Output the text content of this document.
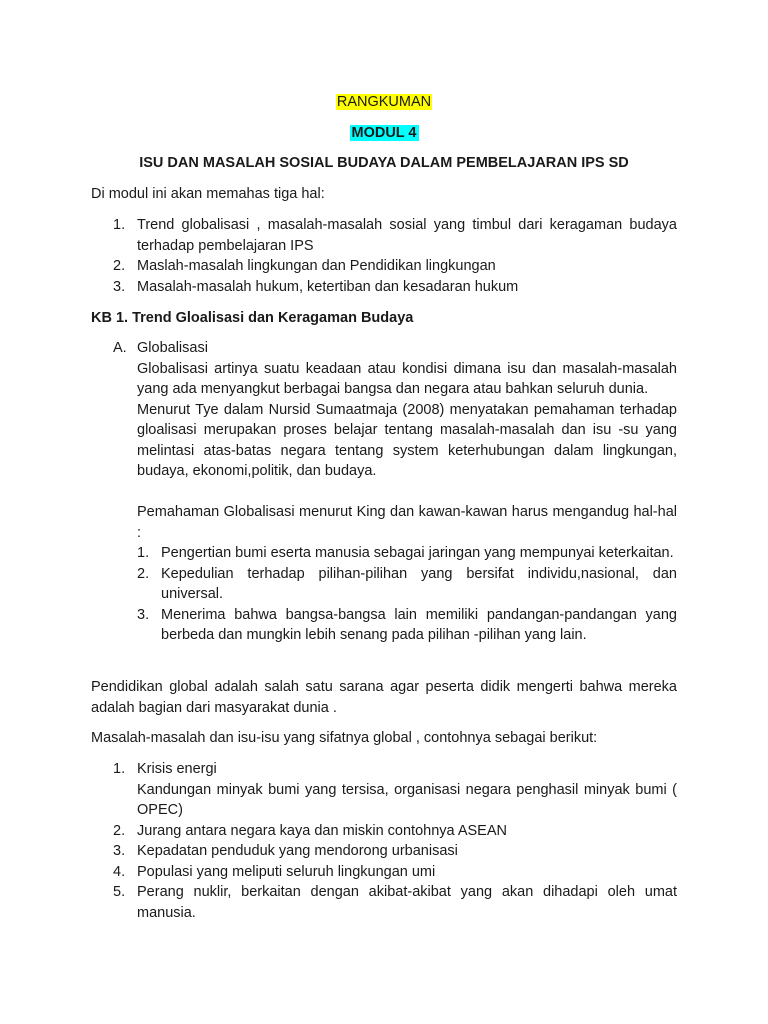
RANGKUMAN
MODUL 4
ISU DAN MASALAH SOSIAL BUDAYA DALAM PEMBELAJARAN IPS SD

Di modul ini akan memahas tiga hal:

1. Trend globalisasi , masalah-masalah sosial yang timbul dari keragaman budaya terhadap pembelajaran IPS
2. Maslah-masalah lingkungan dan Pendidikan lingkungan
3. Masalah-masalah hukum, ketertiban dan kesadaran hukum

KB 1. Trend Gloalisasi dan Keragaman Budaya

A. Globalisasi

Globalisasi artinya suatu keadaan atau kondisi dimana isu dan masalah-masalah yang ada menyangkut berbagai bangsa dan negara atau bahkan seluruh dunia.

Menurut Tye dalam Nursid Sumaatmaja (2008) menyatakan pemahaman terhadap gloalisasi merupakan proses belajar tentang masalah-masalah dan isu -su yang melintasi atas-batas negara tentang system keterhubungan dalam lingkungan, budaya, ekonomi,politik, dan budaya.

Pemahaman Globalisasi menurut King dan kawan-kawan harus mengandug hal-hal :

1. Pengertian bumi eserta manusia sebagai jaringan yang mempunyai keterkaitan.
2. Kepedulian terhadap pilihan-pilihan yang bersifat individu,nasional, dan universal.
3. Menerima bahwa bangsa-bangsa lain memiliki pandangan-pandangan yang berbeda dan mungkin lebih senang pada pilihan -pilihan yang lain.

Pendidikan global adalah salah satu sarana agar peserta didik mengerti bahwa mereka adalah bagian dari masyarakat dunia .

Masalah-masalah dan isu-isu yang sifatnya global , contohnya sebagai berikut:

1. Krisis energi

Kandungan minyak bumi yang tersisa, organisasi negara penghasil minyak bumi ( OPEC)

2. Jurang antara negara kaya dan miskin contohnya ASEAN
3. Kepadatan penduduk yang mendorong urbanisasi
4. Populasi yang meliputi seluruh lingkungan umi
5. Perang nuklir, berkaitan dengan akibat-akibat yang akan dihadapi oleh umat manusia.
